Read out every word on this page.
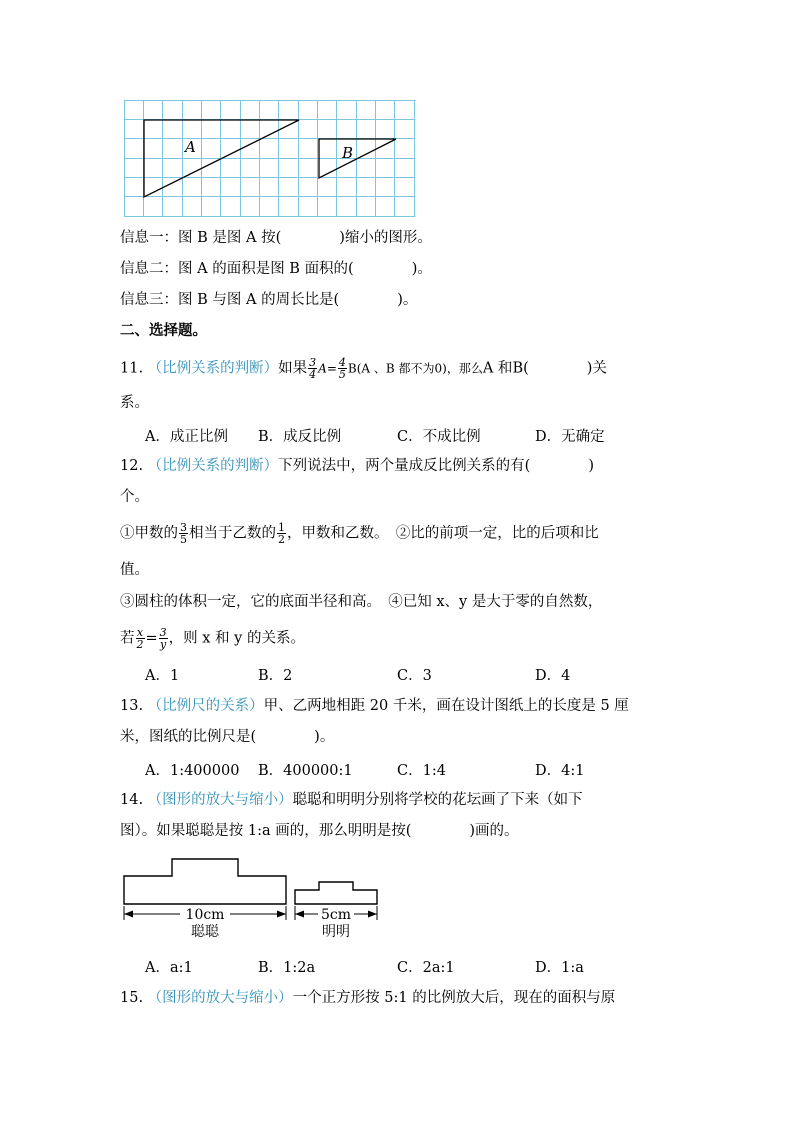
A	B
信息一：图 B 是图 A 按(　　　　)缩小的图形。
信息二：图 A 的面积是图 B 面积的(　　　　)。
信息三：图 B 与图 A 的周长比是(　　　　)。
二、选择题。
11. （比例关系的判断）如果 $\frac{3}{4} A= \frac{4}{5} B(A$ 、B 都不为0)，那么A 和B(　　　　)关
系。
A．成正比例 B．成反比例	C．不成比例	D．无确定
12. （比例关系的判断）下列说法中，两个量成反比例关系的有(　　　　)
个。
①甲数的 $\frac{3}{5}$ 相当于乙数的 $\frac{1}{2}$ ，甲数和乙数。　②比的前项一定，比的后项和比
值。
③圆柱的体积一定，它的底面半径和高。　④已知 x、y 是大于零的自然数，
若 $\frac{x}{2} = \frac{3}{y}$ ，则 x 和 y 的关系。
A．1	B．2	C．3	D．4
13. （比例尺的关系）甲、乙两地相距 20 千米，画在设计图纸上的长度是 5 厘
米，图纸的比例尺是(　　　　)。
A．1:400000 B．400000:1	C．1:4	D．4:1
14. （图形的放大与缩小）聪聪和明明分别将学校的花坛画了下来（如下
图）。如果聪聪是按 1:a 画的，那么明明是按(　　　　)画的。
10cm
聪聪
5cm
明明
A．a:1	B．1:2a	C．2a:1	D．1:a
15. （图形的放大与缩小）一个正方形按 5:1 的比例放大后，现在的面积与原
